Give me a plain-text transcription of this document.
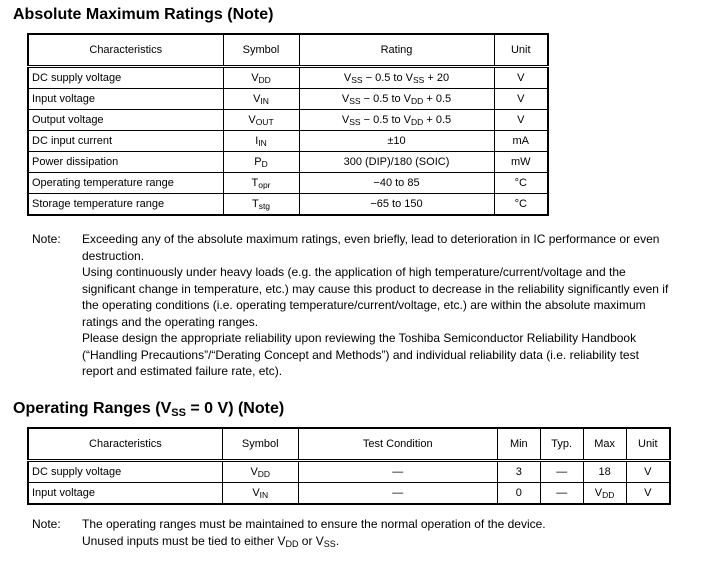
Absolute Maximum Ratings (Note)
Characteristics	Symbol	Rating	Unit
DC supply voltage	$V_{DD}$	$V_{SS} - 0.5$ to $V_{SS} + 20$	V
Input voltage	$V_{IN}$	$V_{SS} - 0.5$ to $V_{DD} + 0.5$	V
Output voltage	$V_{OUT}$	$V_{SS} - 0.5$ to $V_{DD} + 0.5$	V
DC input current	$I_{IN}$	±10	mA
Power dissipation	$P_D$	300 (DIP)/180 (SOIC)	mW
Operating temperature range	$T_{opr}$	−40 to 85	°C
Storage temperature range	$T_{stg}$	−65 to 150	°C
Note: Exceeding any of the absolute maximum ratings, even briefly, lead to deterioration in IC performance or even destruction.

Using continuously under heavy loads (e.g. the application of high temperature/current/voltage and the significant change in temperature, etc.) may cause this product to decrease in the reliability significantly even if the operating conditions (i.e. operating temperature/current/voltage, etc.) are within the absolute maximum ratings and the operating ranges.

Please design the appropriate reliability upon reviewing the Toshiba Semiconductor Reliability Handbook (“Handling Precautions”/“Derating Concept and Methods”) and individual reliability data (i.e. reliability test report and estimated failure rate, etc).

Operating Ranges ($V_{SS} = 0$ V) (Note)
Characteristics	Symbol	Test Condition	Min	Typ.	Max	Unit
DC supply voltage	$V_{DD}$	—	3	—	18	V
Input voltage	$V_{IN}$	—	0	—	$V_{DD}$	V
Note: The operating ranges must be maintained to ensure the normal operation of the device.

Unused inputs must be tied to either $V_{DD}$ or $V_{SS}$.
